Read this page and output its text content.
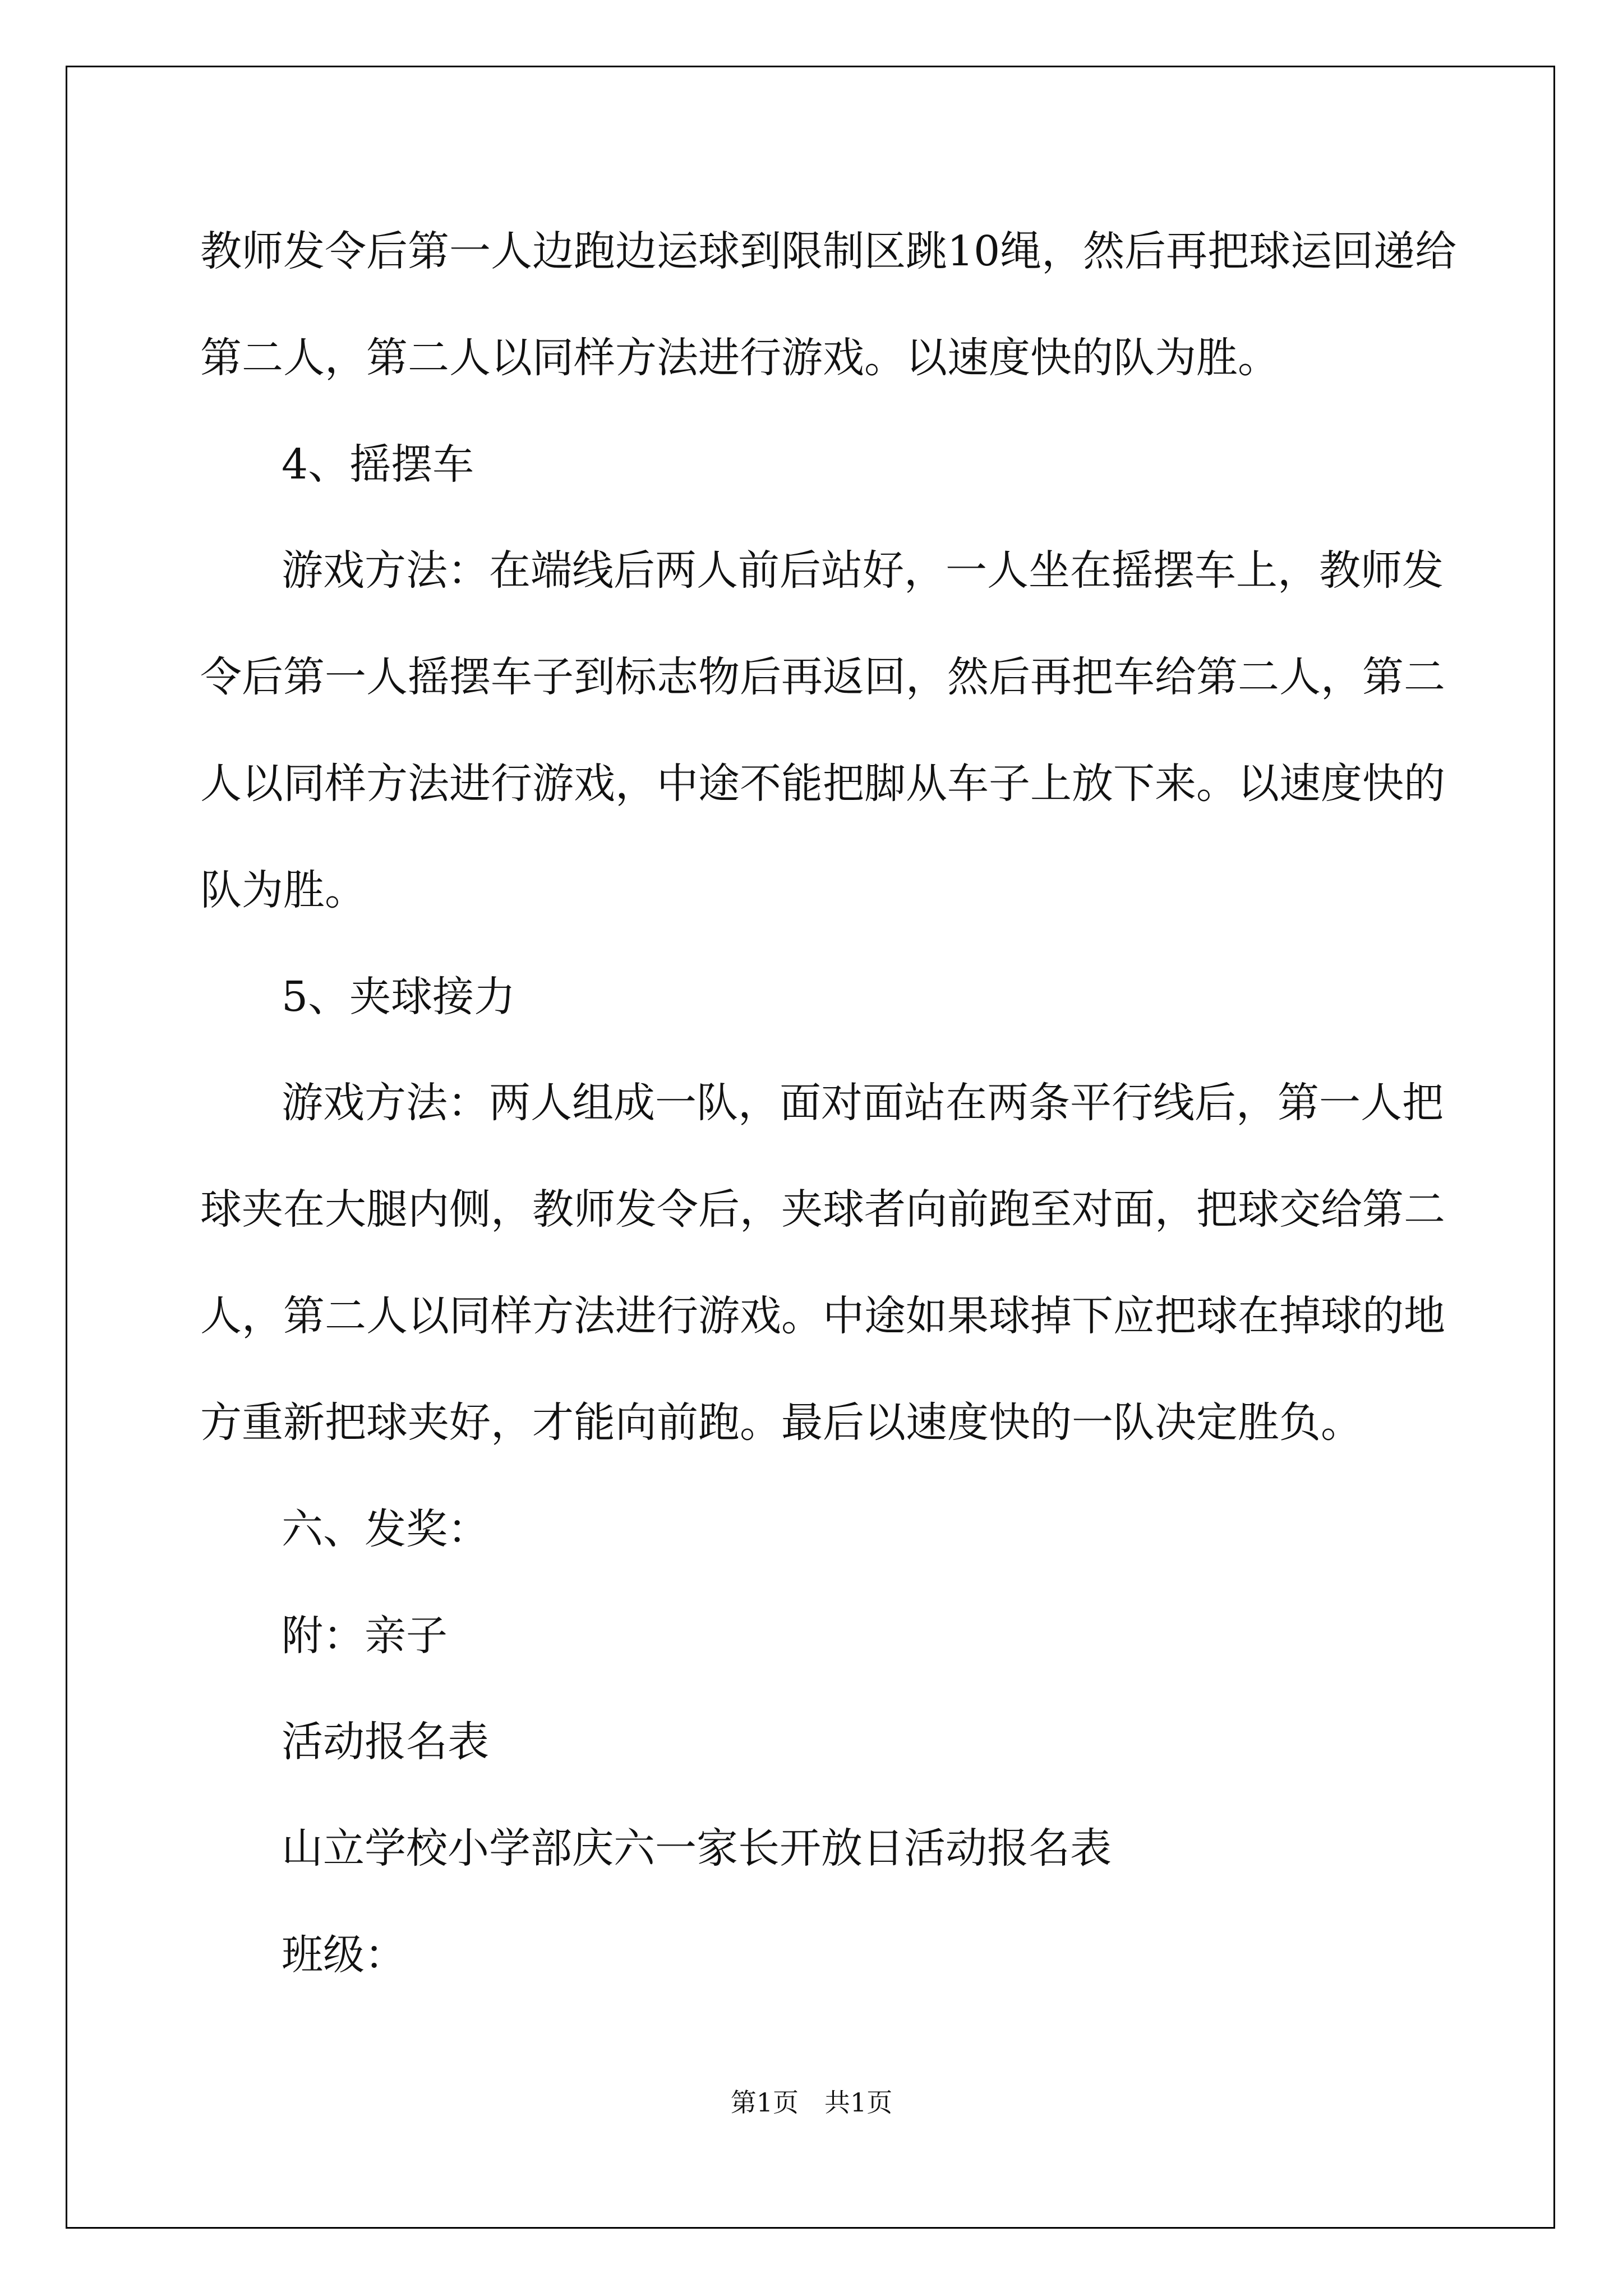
教师发令后第一人边跑边运球到限制区跳10绳，然后再把球运回递给
第二人，第二人以同样方法进行游戏。以速度快的队为胜。
4、摇摆车
游戏方法：在端线后两人前后站好，一人坐在摇摆车上，教师发
令后第一人摇摆车子到标志物后再返回，然后再把车给第二人，第二
人以同样方法进行游戏，中途不能把脚从车子上放下来。以速度快的
队为胜。
5、夹球接力
游戏方法：两人组成一队，面对面站在两条平行线后，第一人把
球夹在大腿内侧，教师发令后，夹球者向前跑至对面，把球交给第二
人，第二人以同样方法进行游戏。中途如果球掉下应把球在掉球的地
方重新把球夹好，才能向前跑。最后以速度快的一队决定胜负。
六、发奖：
附：亲子
活动报名表
山立学校小学部庆六一家长开放日活动报名表
班级：
第1页 共1页
